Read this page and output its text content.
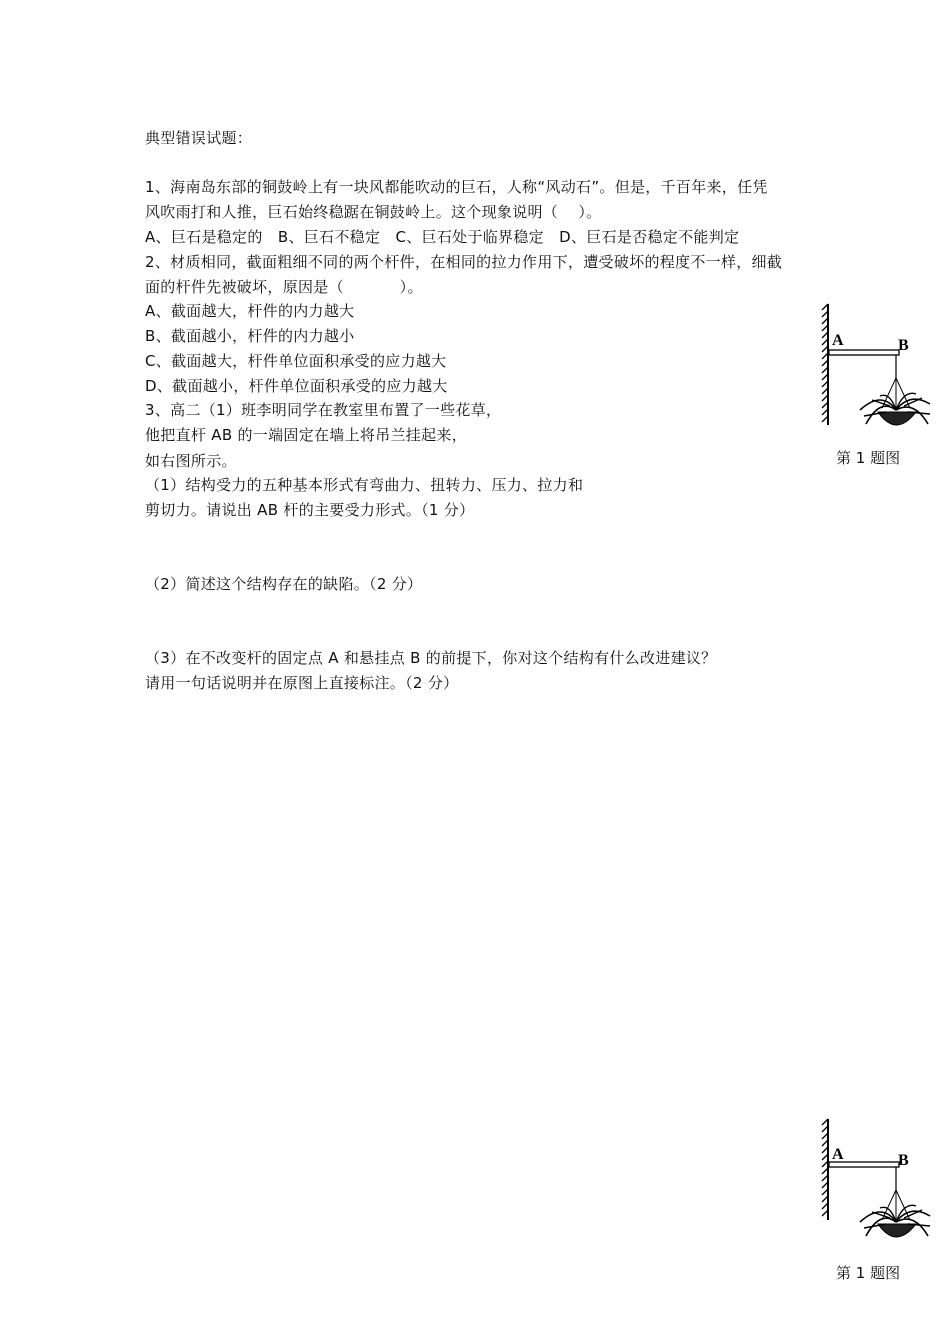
典型错误试题：
1、海南岛东部的铜鼓岭上有一块风都能吹动的巨石，人称“风动石”。但是，千百年来，任凭
风吹雨打和人推，巨石始终稳踞在铜鼓岭上。这个现象说明（    ）。
A、巨石是稳定的   B、巨石不稳定   C、巨石处于临界稳定   D、巨石是否稳定不能判定
2、材质相同，截面粗细不同的两个杆件，在相同的拉力作用下，遭受破坏的程度不一样，细截
面的杆件先被破坏，原因是（           ）。
A、截面越大，杆件的内力越大
B、截面越小，杆件的内力越小
C、截面越大，杆件单位面积承受的应力越大
D、截面越小，杆件单位面积承受的应力越大
3、高二（1）班李明同学在教室里布置了一些花草，
他把直杆 AB 的一端固定在墙上将吊兰挂起来，
如右图所示。
（1）结构受力的五种基本形式有弯曲力、扭转力、压力、拉力和
剪切力。请说出 AB 杆的主要受力形式。（1 分）
（2）简述这个结构存在的缺陷。（2 分）
（3）在不改变杆的固定点 A 和悬挂点 B 的前提下，你对这个结构有什么改进建议？
请用一句话说明并在原图上直接标注。（2 分）
A	B
第 1 题图
A	B
第 1 题图
